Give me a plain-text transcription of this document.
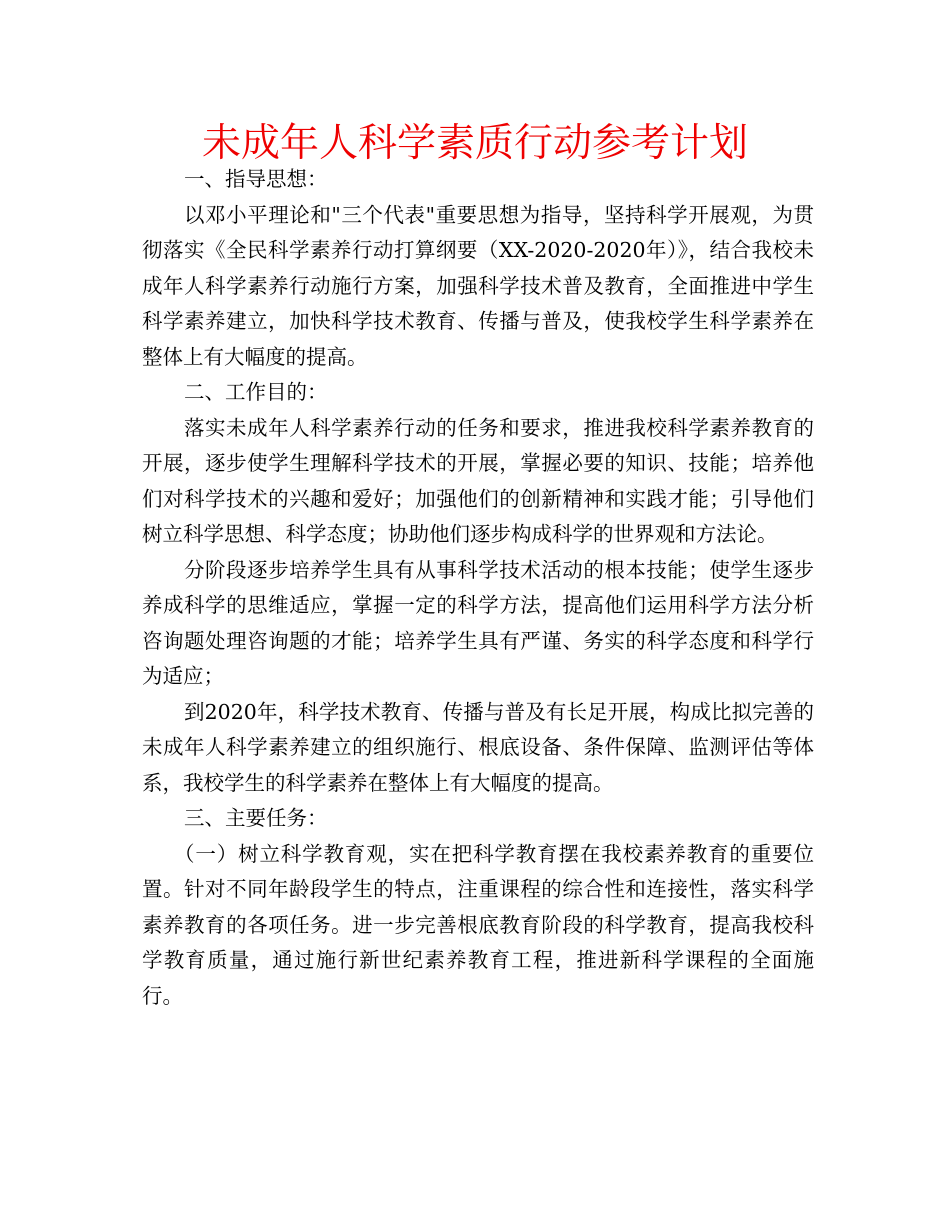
未成年人科学素质行动参考计划

一、指导思想：

以邓小平理论和"三个代表"重要思想为指导，坚持科学开展观，为贯彻落实《全民科学素养行动打算纲要（XX-2020-2020年）》，结合我校未成年人科学素养行动施行方案，加强科学技术普及教育，全面推进中学生科学素养建立，加快科学技术教育、传播与普及，使我校学生科学素养在整体上有大幅度的提高。

二、工作目的：

落实未成年人科学素养行动的任务和要求，推进我校科学素养教育的开展，逐步使学生理解科学技术的开展，掌握必要的知识、技能；培养他们对科学技术的兴趣和爱好；加强他们的创新精神和实践才能；引导他们树立科学思想、科学态度；协助他们逐步构成科学的世界观和方法论。

分阶段逐步培养学生具有从事科学技术活动的根本技能；使学生逐步养成科学的思维适应，掌握一定的科学方法，提高他们运用科学方法分析咨询题处理咨询题的才能；培养学生具有严谨、务实的科学态度和科学行为适应；

到2020年，科学技术教育、传播与普及有长足开展，构成比拟完善的未成年人科学素养建立的组织施行、根底设备、条件保障、监测评估等体系，我校学生的科学素养在整体上有大幅度的提高。

三、主要任务：

（一）树立科学教育观，实在把科学教育摆在我校素养教育的重要位置。针对不同年龄段学生的特点，注重课程的综合性和连接性，落实科学素养教育的各项任务。进一步完善根底教育阶段的科学教育，提高我校科学教育质量，通过施行新世纪素养教育工程，推进新科学课程的全面施行。
